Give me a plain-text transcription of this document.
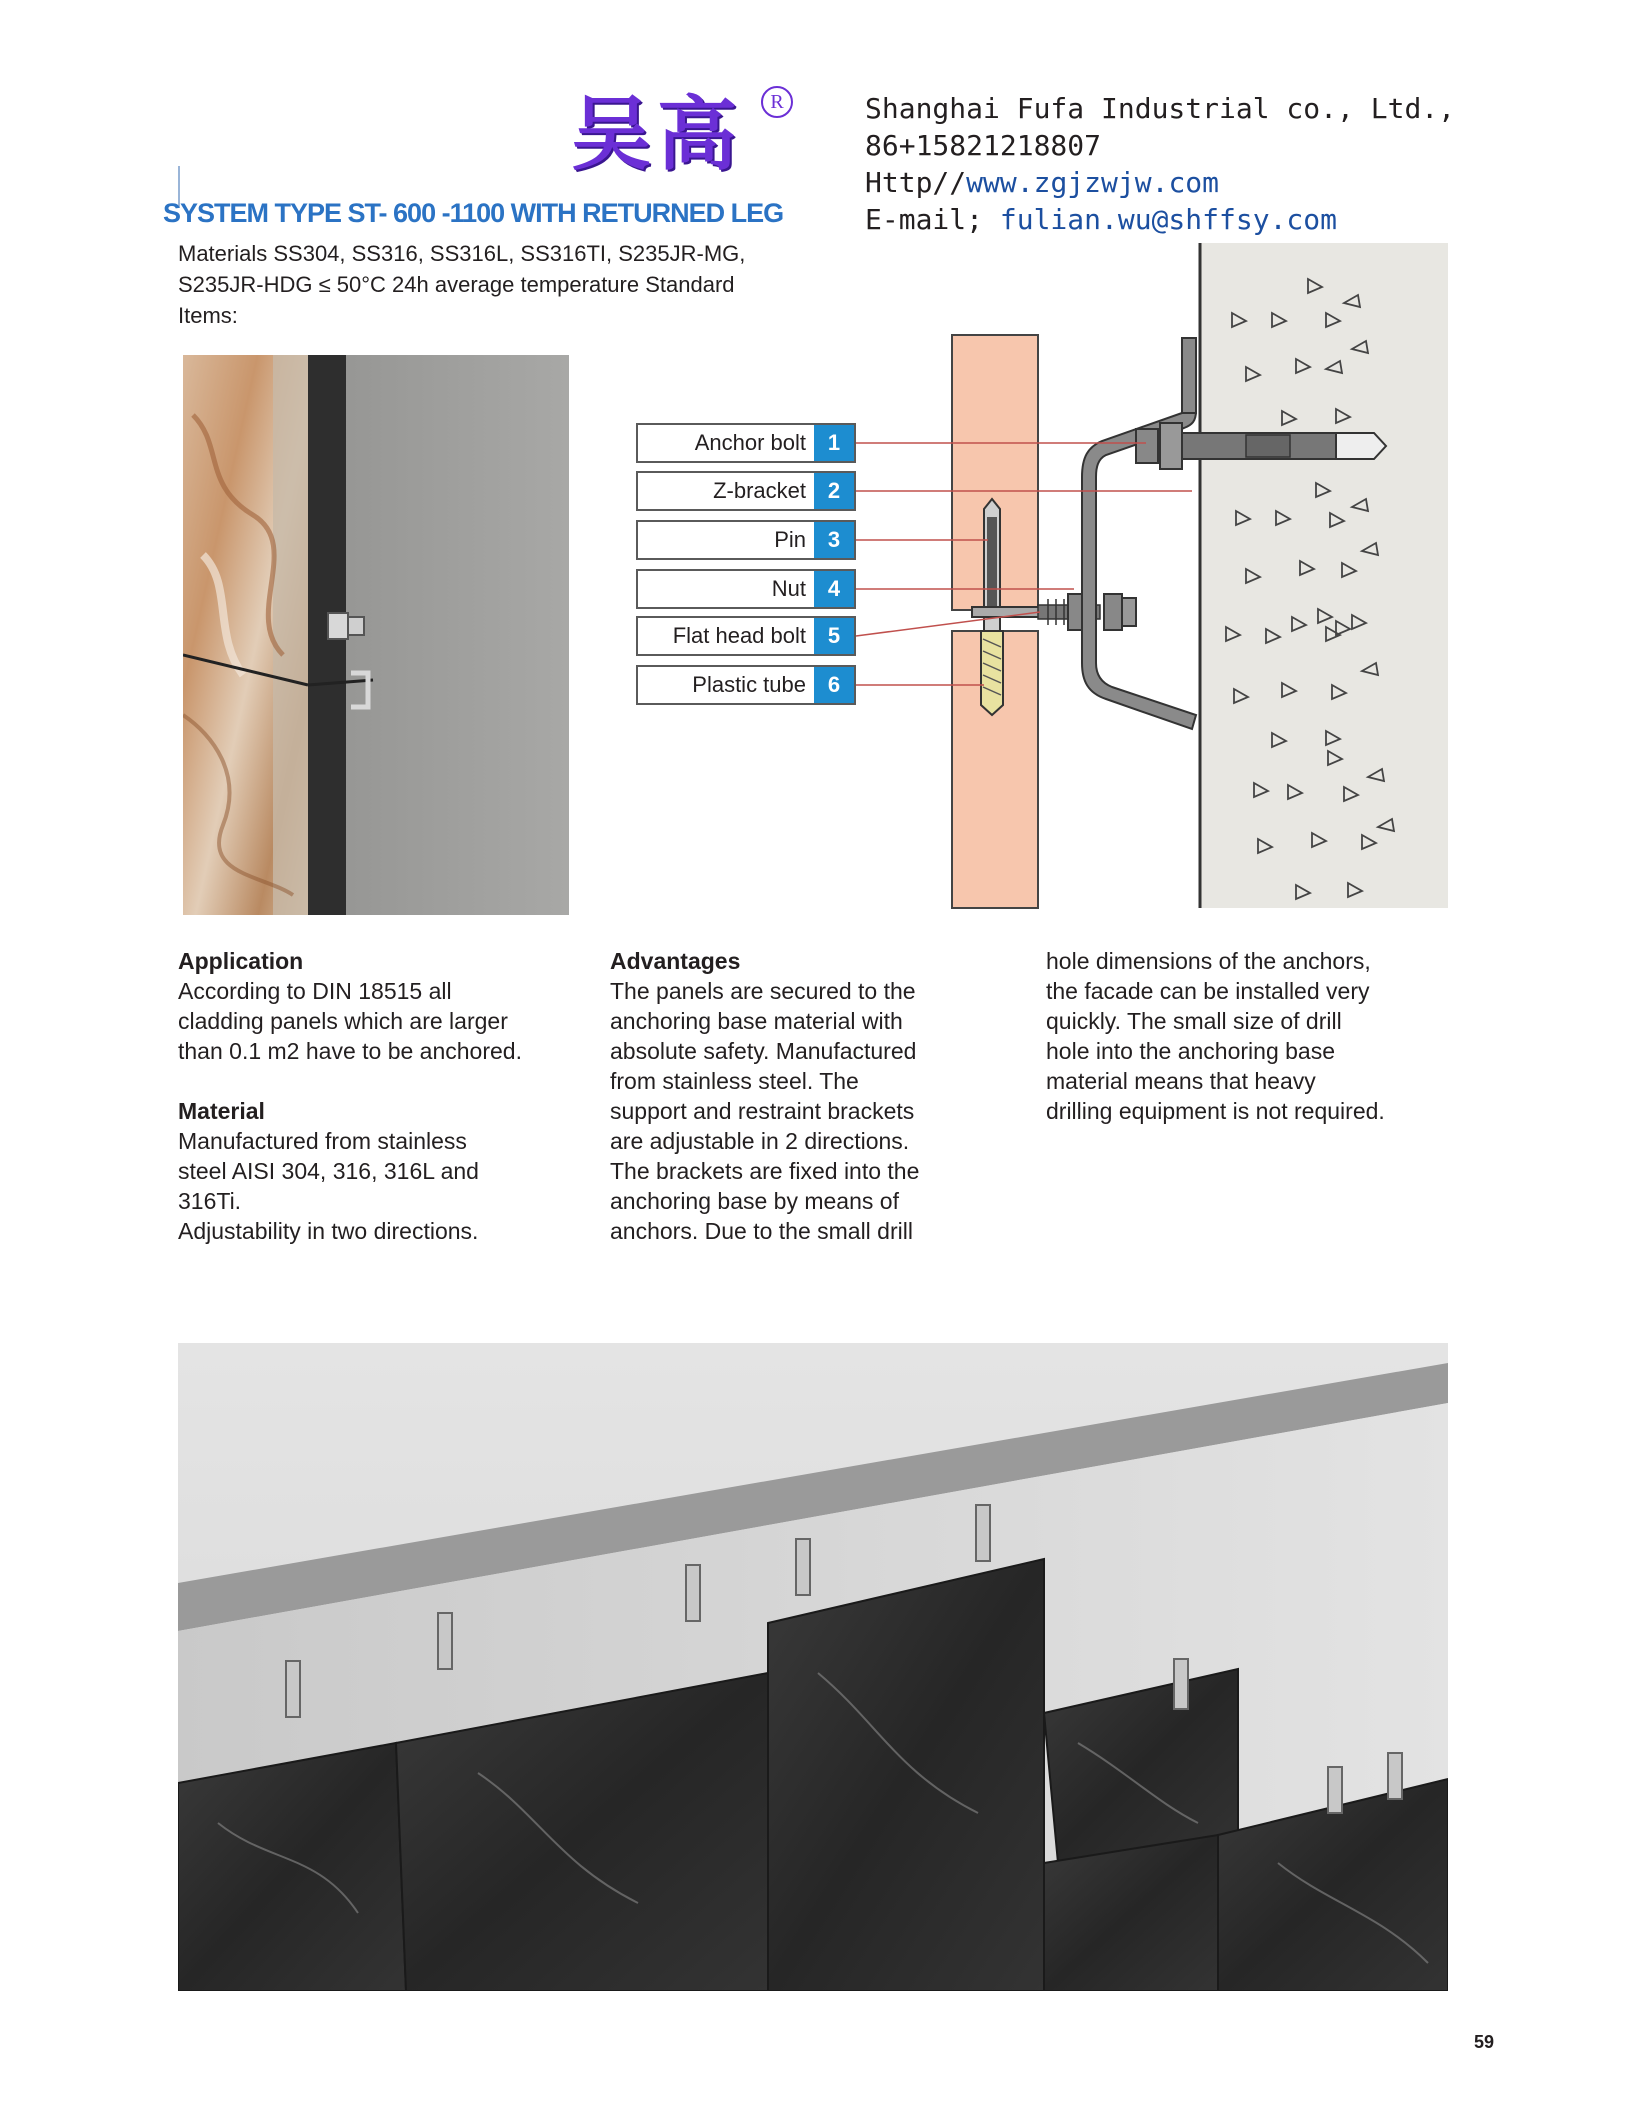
吴高	R	Shanghai Fufa Industrial co., Ltd.,
86+15821218807
Http//www.zgjzwjw.com
E-mail; fulian.wu@shffsy.com
SYSTEM TYPE ST- 600 -1100 WITH RETURNED LEG
Materials SS304, SS316, SS316L, SS316TI, S235JR-MG,
S235JR-HDG ≤ 50°C 24h average temperature Standard
Items:
Anchor bolt 1
Z-bracket 2
Pin 3
Nut 4
Flat head bolt 5
Plastic tube 6
Application

According to DIN 18515 all

cladding panels which are larger

than 0.1 m2 have to be anchored.

Material

Manufactured from stainless

steel AISI 304, 316, 316L and

316Ti.

Adjustability in two directions.

Advantages

The panels are secured to the

anchoring base material with

absolute safety. Manufactured

from stainless steel. The

support and restraint brackets

are adjustable in 2 directions.

The brackets are fixed into the

anchoring base by means of

anchors. Due to the small drill

hole dimensions of the anchors,

the facade can be installed very

quickly. The small size of drill

hole into the anchoring base

material means that heavy

drilling equipment is not required.

59
